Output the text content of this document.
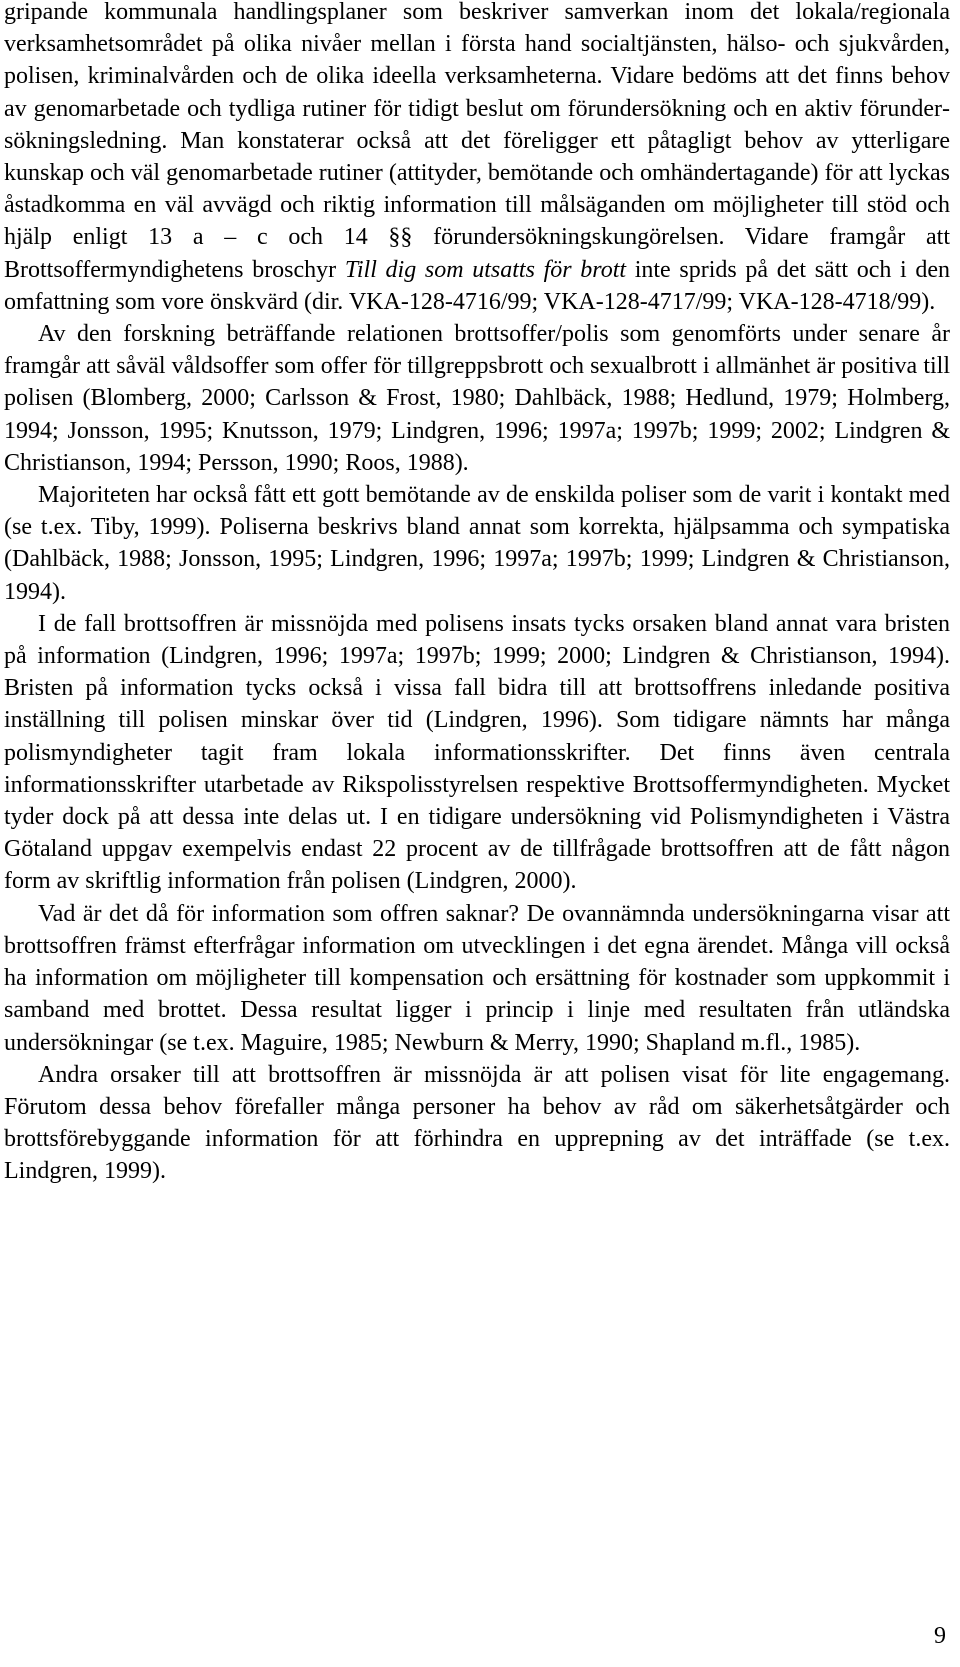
gripande kommunala handlingsplaner som beskriver samverkan inom det lokala/regionala verksamhetsområdet på olika nivåer mellan i första hand socialtjänsten, hälso- och sjukvården, polisen, kriminalvården och de olika ideella verksamheterna. Vidare bedöms att det finns behov av genomarbetade och tydliga rutiner för tidigt beslut om förundersökning och en aktiv förundersökningsledning. Man konstaterar också att det föreligger ett påtagligt behov av ytterligare kunskap och väl genomarbetade rutiner (attityder, bemötande och omhändertagande) för att lyckas åstadkomma en väl avvägd och riktig information till målsäganden om möjligheter till stöd och hjälp enligt 13 a – c och 14 §§ förundersökningskungörelsen. Vidare framgår att Brottsoffermyndighetens broschyr Till dig som utsatts för brott inte sprids på det sätt och i den omfattning som vore önskvärd (dir. VKA-128-4716/99; VKA-128-4717/99; VKA-128-4718/99).

Av den forskning beträffande relationen brottsoffer/polis som genomförts under senare år framgår att såväl våldsoffer som offer för tillgreppsbrott och sexualbrott i allmänhet är positiva till polisen (Blomberg, 2000; Carlsson & Frost, 1980; Dahlbäck, 1988; Hedlund, 1979; Holmberg, 1994; Jonsson, 1995; Knutsson, 1979; Lindgren, 1996; 1997a; 1997b; 1999; 2002; Lindgren & Christianson, 1994; Persson, 1990; Roos, 1988).

Majoriteten har också fått ett gott bemötande av de enskilda poliser som de varit i kontakt med (se t.ex. Tiby, 1999). Poliserna beskrivs bland annat som korrekta, hjälpsamma och sympatiska (Dahlbäck, 1988; Jonsson, 1995; Lindgren, 1996; 1997a; 1997b; 1999; Lindgren & Christianson, 1994).

I de fall brottsoffren är missnöjda med polisens insats tycks orsaken bland annat vara bristen på information (Lindgren, 1996; 1997a; 1997b; 1999; 2000; Lindgren & Christianson, 1994). Bristen på information tycks också i vissa fall bidra till att brottsoffrens inledande positiva inställning till polisen minskar över tid (Lindgren, 1996). Som tidigare nämnts har många polismyndigheter tagit fram lokala informationsskrifter. Det finns även centrala informationsskrifter utarbetade av Rikspolisstyrelsen respektive Brottsoffermyndigheten. Mycket tyder dock på att dessa inte delas ut. I en tidigare undersökning vid Polismyndigheten i Västra Götaland uppgav exempelvis endast 22 procent av de tillfrågade brottsoffren att de fått någon form av skriftlig information från polisen (Lindgren, 2000).

Vad är det då för information som offren saknar? De ovannämnda undersökningarna visar att brottsoffren främst efterfrågar information om utvecklingen i det egna ärendet. Många vill också ha information om möjligheter till kompensation och ersättning för kostnader som uppkommit i samband med brottet. Dessa resultat ligger i princip i linje med resultaten från utländska undersökningar (se t.ex. Maguire, 1985; Newburn & Merry, 1990; Shapland m.fl., 1985).

Andra orsaker till att brottsoffren är missnöjda är att polisen visat för lite engagemang. Förutom dessa behov förefaller många personer ha behov av råd om säkerhetsåtgärder och brottsförebyggande information för att förhindra en upprepning av det inträffade (se t.ex. Lindgren, 1999).

9
